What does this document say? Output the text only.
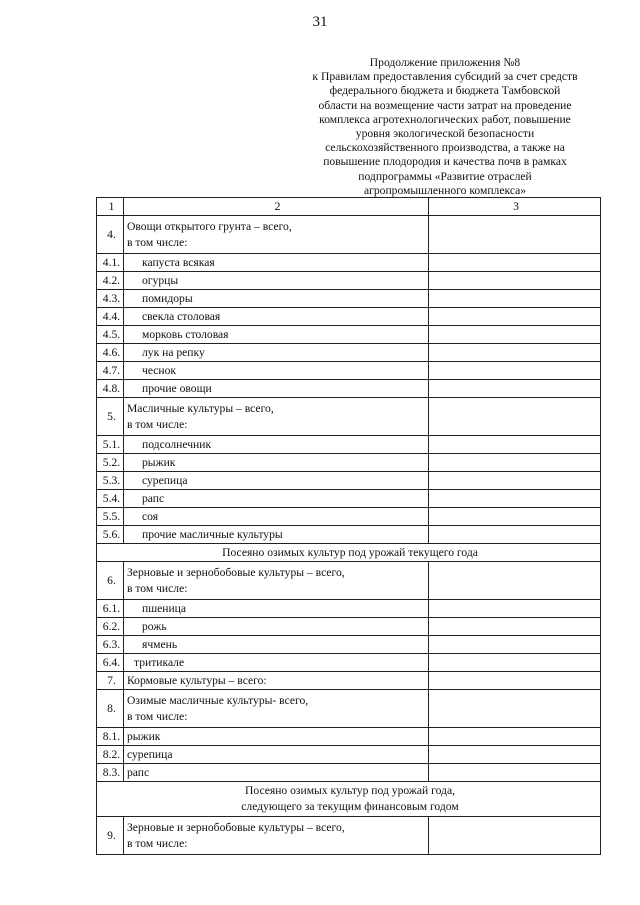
31
Продолжение приложения №8
к Правилам предоставления субсидий за счет средств
федерального бюджета и бюджета Тамбовской
области на возмещение части затрат на проведение
комплекса агротехнологических работ, повышение
уровня экологической безопасности
сельскохозяйственного производства, а также на
повышение плодородия и качества почв в рамках
подпрограммы «Развитие отраслей
агропромышленного комплекса»
1	2	3
4.	Овощи открытого грунта – всего,
в том числе:	

4.1.	капуста всякая	
4.2.	огурцы	
4.3.	помидоры	
4.4.	свекла столовая	
4.5.	морковь столовая	
4.6.	лук на репку	
4.7.	чеснок	
4.8.	прочие овощи	
5.	Масличные культуры – всего,
в том числе:	

5.1.	подсолнечник	
5.2.	рыжик	
5.3.	сурепица	
5.4.	рапс	
5.5.	соя	
5.6.	прочие масличные культуры	
Посеяно озимых культур под урожай текущего года		
6.	Зерновые и зернобобовые культуры – всего,
в том числе:	

6.1.	пшеница	
6.2.	рожь	
6.3.	ячмень	
6.4.	тритикале	
7.	Кормовые культуры – всего:	
8.	Озимые масличные культуры- всего,
в том числе:	

8.1.	рыжик	
8.2.	сурепица	
8.3.	рапс	

Посеяно озимых культур под урожай года,
следующего за текущим финансовым годом		

9.	Зерновые и зернобобовые культуры – всего,
в том числе:	
